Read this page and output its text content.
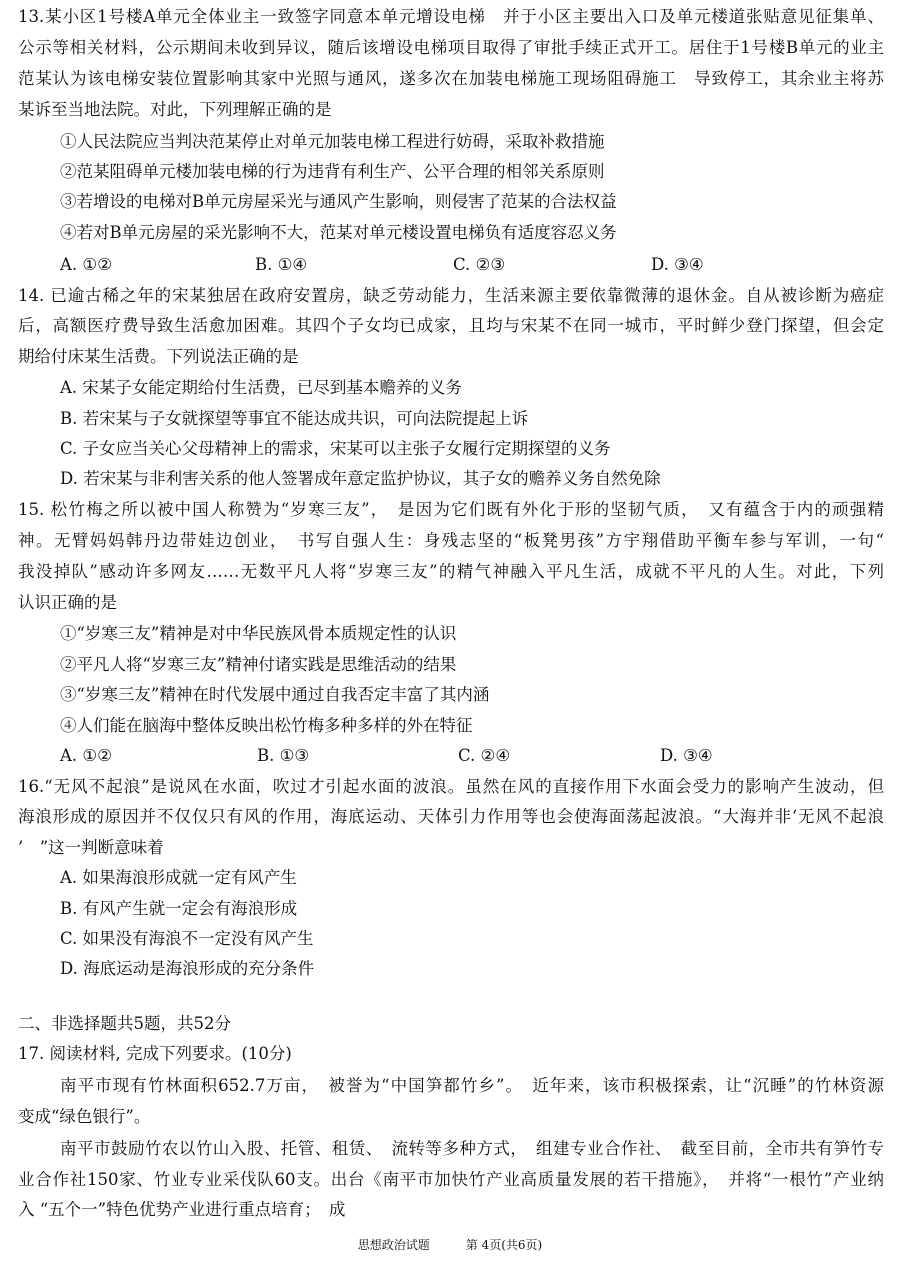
13.某小区1号楼A单元全体业主一致签字同意本单元增设电梯　并于小区主要出入口及单元楼道张贴意见征集单、
公示等相关材料，公示期间未收到异议，随后该增设电梯项目取得了审批手续正式开工。居住于1号楼B单元的业主
范某认为该电梯安装位置影响其家中光照与通风，遂多次在加装电梯施工现场阻碍施工　导致停工，其余业主将苏
某诉至当地法院。对此，下列理解正确的是
①人民法院应当判决范某停止对单元加装电梯工程进行妨碍，采取补救措施
②范某阻碍单元楼加装电梯的行为违背有利生产、公平合理的相邻关系原则
③若增设的电梯对B单元房屋采光与通风产生影响，则侵害了范某的合法权益
④若对B单元房屋的采光影响不大，范某对单元楼设置电梯负有适度容忍义务
A. ①②	B. ①④	C. ②③	D. ③④
14. 已逾古稀之年的宋某独居在政府安置房，缺乏劳动能力，生活来源主要依靠微薄的退休金。自从被诊断为癌症
后，高额医疗费导致生活愈加困难。其四个子女均已成家，且均与宋某不在同一城市，平时鲜少登门探望，但会定
期给付床某生活费。下列说法正确的是
A. 宋某子女能定期给付生活费，已尽到基本赡养的义务
B. 若宋某与子女就探望等事宜不能达成共识，可向法院提起上诉
C. 子女应当关心父母精神上的需求，宋某可以主张子女履行定期探望的义务
D. 若宋某与非利害关系的他人签署成年意定监护协议，其子女的赡养义务自然免除
15. 松竹梅之所以被中国人称赞为“岁寒三友”，　是因为它们既有外化于形的坚韧气质，　又有蕴含于内的顽强精
神。无臂妈妈韩丹边带娃边创业，　书写自强人生：身残志坚的“板凳男孩”方宇翔借助平衡车参与军训，一句“
我没掉队”感动许多网友……无数平凡人将“岁寒三友”的精气神融入平凡生活，成就不平凡的人生。对此，下列
认识正确的是
①“岁寒三友”精神是对中华民族风骨本质规定性的认识
②平凡人将“岁寒三友”精神付诸实践是思维活动的结果
③“岁寒三友”精神在时代发展中通过自我否定丰富了其内涵
④人们能在脑海中整体反映出松竹梅多种多样的外在特征
A. ①②	B. ①③	C. ②④	D. ③④
16.“无风不起浪”是说风在水面，吹过才引起水面的波浪。虽然在风的直接作用下水面会受力的影响产生波动，但
海浪形成的原因并不仅仅只有风的作用，海底运动、天体引力作用等也会使海面荡起波浪。“大海并非‘无风不起浪
’　”这一判断意味着
A. 如果海浪形成就一定有风产生
B. 有风产生就一定会有海浪形成
C. 如果没有海浪不一定没有风产生
D. 海底运动是海浪形成的充分条件
二、非选择题共5题，共52分
17. 阅读材料, 完成下列要求。(10分)
南平市现有竹林面积652.7万亩，　被誉为“中国笋都竹乡”。　近年来，该市积极探索，让“沉睡”的竹林资源
变成“绿色银行”。
南平市鼓励竹农以竹山入股、托管、租赁、　流转等多种方式，　组建专业合作社、　截至目前，全市共有笋竹专
业合作社150家、竹业专业采伐队60支。出台《南平市加快竹产业高质量发展的若干措施》，　并将“一根竹”产业纳
入 “五个一”特色优势产业进行重点培育；　成
思想政治试题	第 4页(共6页)
